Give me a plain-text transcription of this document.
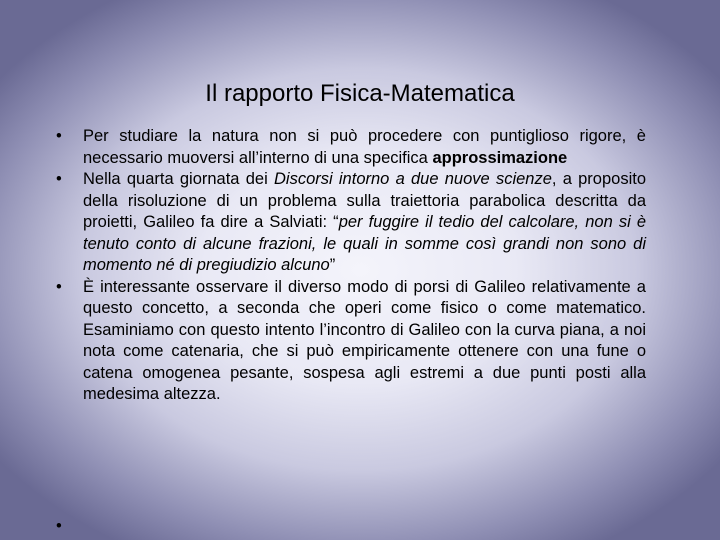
Il rapporto Fisica-Matematica
• Per studiare la natura non si può procedere con puntiglioso rigore, è necessario muoversi all’interno di una specifica approssimazione
• Nella quarta giornata dei Discorsi intorno a due nuove scienze, a proposito della risoluzione di un problema sulla traiettoria parabolica descritta da proietti, Galileo fa dire a Salviati: “per fuggire il tedio del calcolare, non si è tenuto conto di alcune frazioni, le quali in somme così grandi non sono di momento né di pregiudizio alcuno”
• È interessante osservare il diverso modo di porsi di Galileo relativamente a questo concetto, a seconda che operi come fisico o come matematico. Esaminiamo con questo intento l’incontro di Galileo con la curva piana, a noi nota come catenaria, che si può empiricamente ottenere con una fune o catena omogenea pesante, sospesa agli estremi a due punti posti alla medesima altezza.
•
